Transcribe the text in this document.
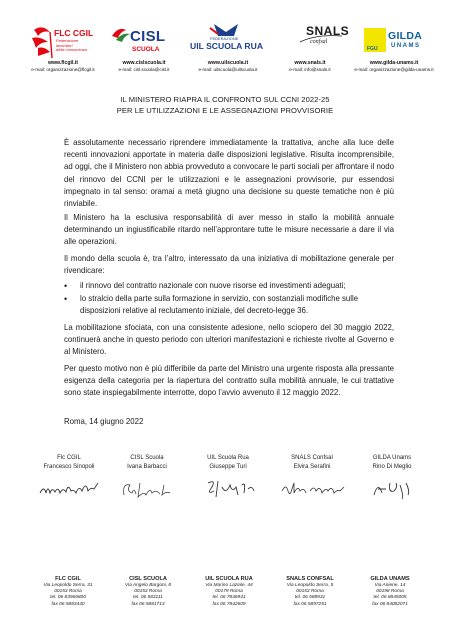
FLC CGIL
Federazione
lavoratori
della conoscenza
CISL
SCUOLA
FEDERAZIONE
UIL SCUOLA RUA
SNALS
confsal
FGU
GILDA
UNAMS
www.flcgil.it
e-mail: organizzazione@flcgil.it
www.cislscuola.it
e-mail: cisl.scuola@cisl.it
www.uilscuola.it
e-mail: uilscuola@uilscuola.it
www.snals.it
e-mail: info@snals.it
www.gilda-unams.it
e-mail: organizzazione@gilda-unams.it
IL MINISTERO RIAPRA IL CONFRONTO SUL CCNI 2022-25
PER LE UTILIZZAZIONI E LE ASSEGNAZIONI PROVVISORIE
È assolutamente necessario riprendere immediatamente la trattativa, anche alla luce delle recenti innovazioni apportate in materia dalle disposizioni legislative. Risulta incomprensibile, ad oggi, che il Ministero non abbia provveduto a convocare le parti sociali per affrontare il nodo del rinnovo del CCNI per le utilizzazioni e le assegnazioni provvisorie, pur essendosi impegnato in tal senso: oramai a metà giugno una decisione su queste tematiche non è più rinviabile.
Il Ministero ha la esclusiva responsabilità di aver messo in stallo la mobilità annuale determinando un ingiustificabile ritardo nell’approntare tutte le misure necessarie a dare il via alle operazioni.
Il mondo della scuola è, tra l’altro, interessato da una iniziativa di mobilitazione generale per rivendicare:
• il rinnovo del contratto nazionale con nuove risorse ed investimenti adeguati;
• lo stralcio della parte sulla formazione in servizio, con sostanziali modifiche sulle disposizioni relative al reclutamento iniziale, del decreto-legge 36.
La mobilitazione sfociata, con una consistente adesione, nello sciopero del 30 maggio 2022, continuerà anche in questo periodo con ulteriori manifestazioni e richieste rivolte al Governo e al Ministero.
Per questo motivo non è più differibile da parte del Ministro una urgente risposta alla pressante esigenza della categoria per la riapertura del contratto sulla mobilità annuale, le cui trattative sono state inspiegabilmente interrotte, dopo l’avvio avvenuto il 12 maggio 2022.
Roma, 14 giugno 2022
Flc CGIL
Francesco Sinopoli
CISL Scuola
Ivana Barbacci
UIL Scuola Rua
Giuseppe Turi
SNALS Confsal
Elvira Serafini
GILDA Unams
Rino Di Meglio
FLC CGIL
Via Leopoldo Serra, 31
00153 Roma
tel. 06 83966800
fax 06 5883440
CISL SCUOLA
Via Angelo Bargoni, 8
00153 Roma
tel. 06 583111
fax 06 5881713
UIL SCUOLA RUA
Via Marino Laziale, 44
00179 Roma
tel. 06 7846941
fax 06 7842609
SNALS CONFSAL
Via Leopoldo Serra, 5
00153 Roma
tel. 06 588931
fax 06 5897251
GILDA UNAMS
Via Aniene, 14
00198 Roma
tel. 06 8845005
fax 06 84082071
